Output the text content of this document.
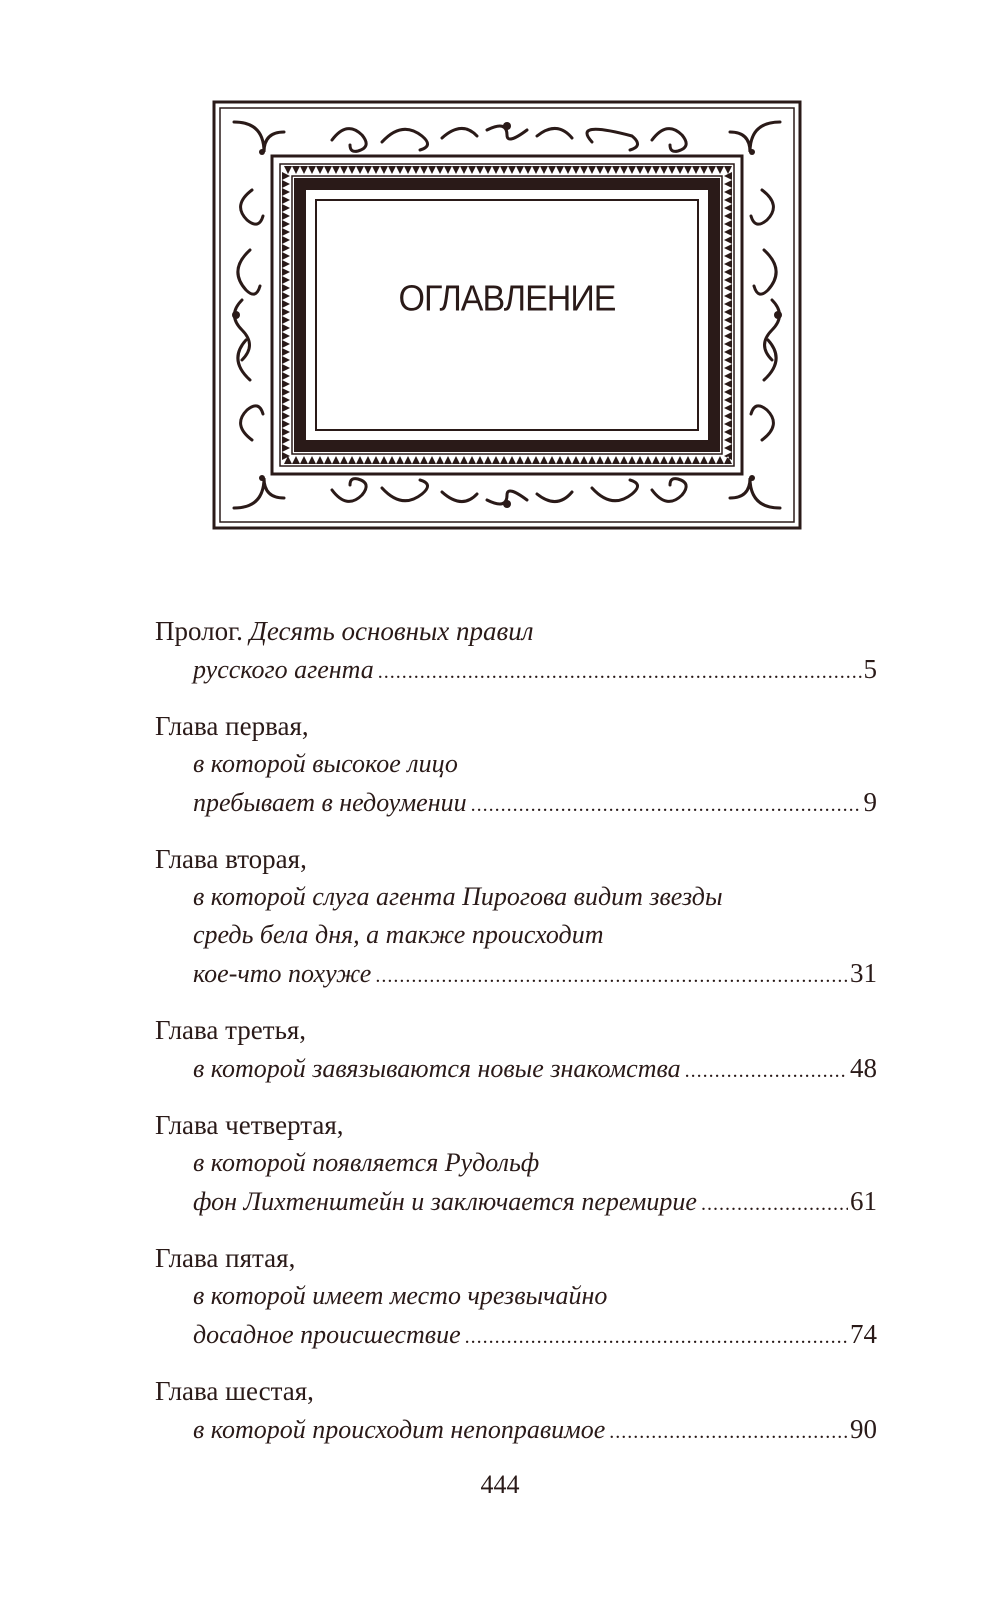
ОГЛАВЛЕНИЕ
Пролог. Десять основных правил
русского агента .....	5
Глава первая,
в которой высокое лицо
пребывает в недоумении .....	9
Глава вторая,
в которой слуга агента Пирогова видит звезды
средь бела дня, а также происходит
кое-что похуже .....	31
Глава третья,
в которой завязываются новые знакомства .....	48
Глава четвертая,
в которой появляется Рудольф
фон Лихтенштейн и заключается перемирие .....	61
Глава пятая,
в которой имеет место чрезвычайно
досадное происшествие .....	74
Глава шестая,
в которой происходит непоправимое .....	90
444
